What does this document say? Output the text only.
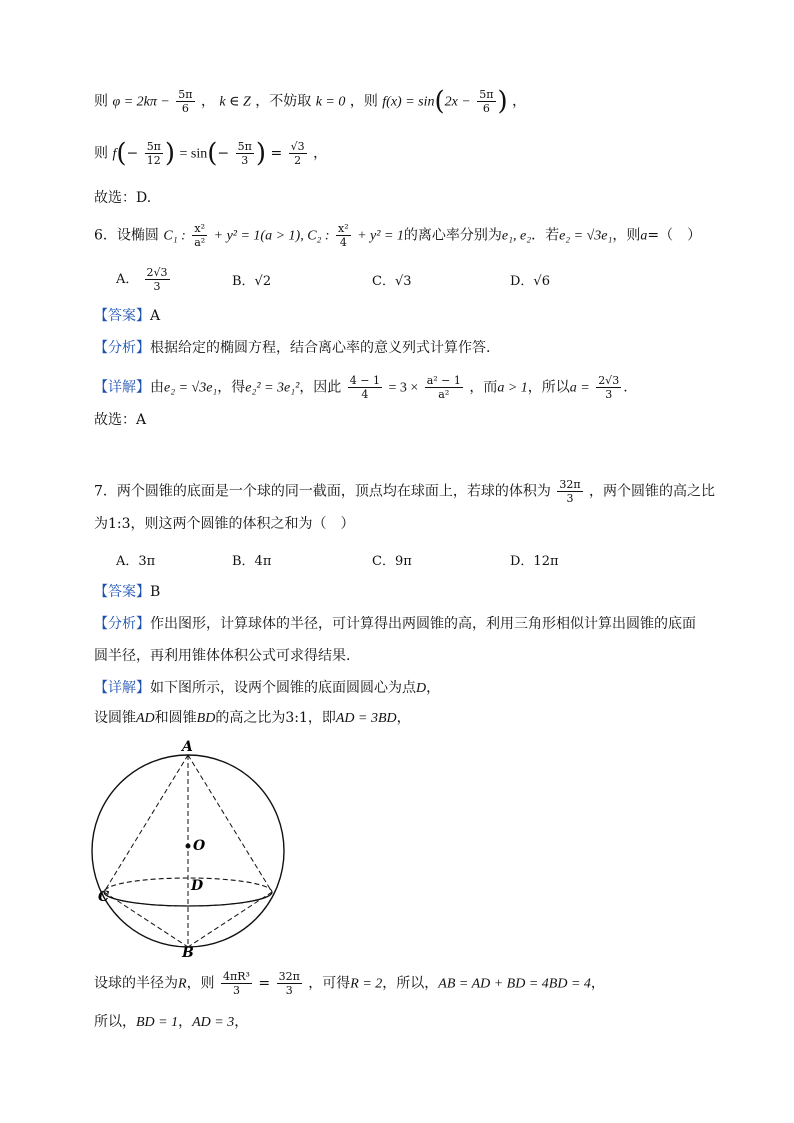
则 $\varphi = 2k\pi - \frac{5\pi}{6}$ ， k ∈ Z ，不妨取 k = 0 ，则 $f(x) = \sin(2x - \frac{5\pi}{6}$ ) ，
则 $f(- \frac{5\pi}{12}$ ) = $\sin(- \frac{5\pi}{3}$ ) = $\frac{√3}{2}$ ，
故选：D.
6．设椭圆 C₁ : $\frac{\text{x²}}{\text{a²}} + y^2 = 1(a > 1)$, C₂ : $\frac{\text{x²}}{4} + y^2 = 1$的离心率分别为e₁, e₂．若e₂ = √3e₁，则a=（　）
A． $\frac{2√3}{3}$	B．√2	C．√3	D．√6
【答案】A
【分析】根据给定的椭圆方程，结合离心率的意义列式计算作答.
【详解】由e₂ = √3e₁，得e₂² = 3e₁²，因此 $\frac{4 - 1}{4} = 3 \times \frac{\text{a² − 1}}{\text{a²}}$ ，而a > 1，所以$a = \frac{2√3}{3}$ .
故选：A
7．两个圆锥的底面是一个球的同一截面，顶点均在球面上，若球的体积为 $\frac{32\pi}{3}$ ，两个圆锥的高之比
为1:3，则这两个圆锥的体积之和为（　）
A．3π	B．4π	C．9π	D．12π
【答案】B
【分析】作出图形，计算球体的半径，可计算得出两圆锥的高，利用三角形相似计算出圆锥的底面
圆半径，再利用锥体体积公式可求得结果.
【详解】如下图所示，设两个圆锥的底面圆圆心为点D，
设圆锥AD和圆锥BD的高之比为3:1，即AD = 3BD，
A
O
C
D
B
设球的半径为R，则 $\frac{\text{4πR³}}{3} = \frac{32\pi}{3}$ ，可得R = 2，所以，AB = AD + BD = 4BD = 4，
所以，BD = 1，AD = 3，
